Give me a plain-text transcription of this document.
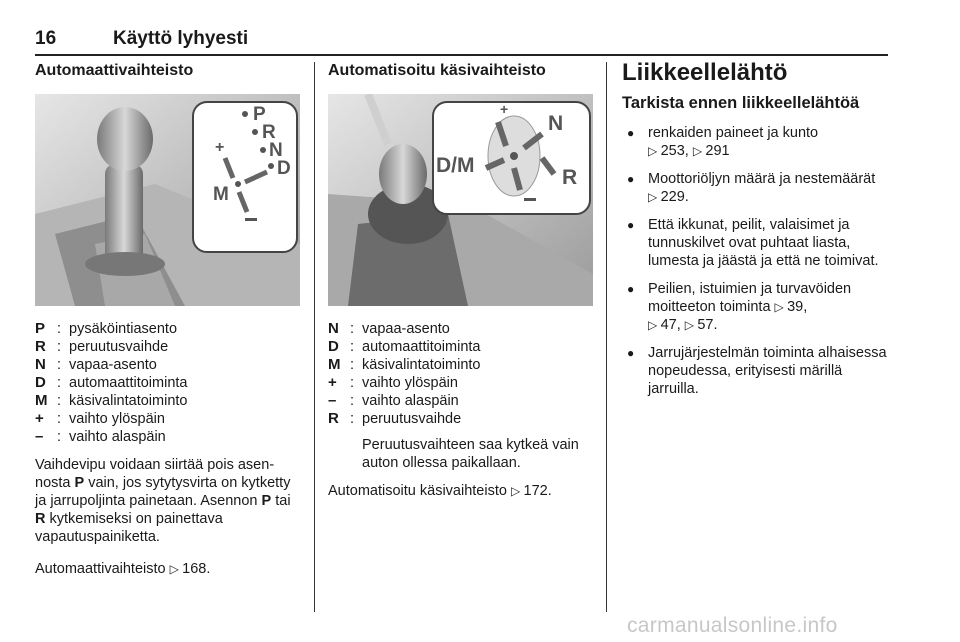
16	Käyttö lyhyesti
Automaattivaihteisto
P
R
N
D
M
+
P : pysäköintiasento
R : peruutusvaihde
N : vapaa-asento
D : automaattitoiminta
M : käsivalintatoiminto
+ : vaihto ylöspäin
– : vaihto alaspäin

Vaihdevipu voidaan siirtää pois asennosta P vain, jos sytytysvirta on kytketty ja jarrupoljinta painetaan. Asennon P tai R kytkemiseksi on painettava vapautuspainiketta.

Automaattivaihteisto ▷ 168.

Automatisoitu käsivaihteisto
D/M
N
R
+
N : vapaa-asento
D : automaattitoiminta
M : käsivalintatoiminto
+ : vaihto ylöspäin
– : vaihto alaspäin
R : peruutusvaihde
Peruutusvaihteen saa kytkeä vain auton ollessa paikallaan.

Automatisoitu käsivaihteisto ▷ 172.

Liikkeellelähtö
Tarkista ennen liikkeellelähtöä
● renkaiden paineet ja kunto
▷ 253, ▷ 291
● Moottoriöljyn määrä ja nestemäärät ▷ 229.
● Että ikkunat, peilit, valaisimet ja tunnuskilvet ovat puhtaat liasta, lumesta ja jäästä ja että ne toimivat.
● Peilien, istuimien ja turvavöiden moitteeton toiminta ▷ 39,
▷ 47, ▷ 57.
● Jarrujärjestelmän toiminta alhaisessa nopeudessa, erityisesti märillä jarruilla.
carmanualsonline.info
